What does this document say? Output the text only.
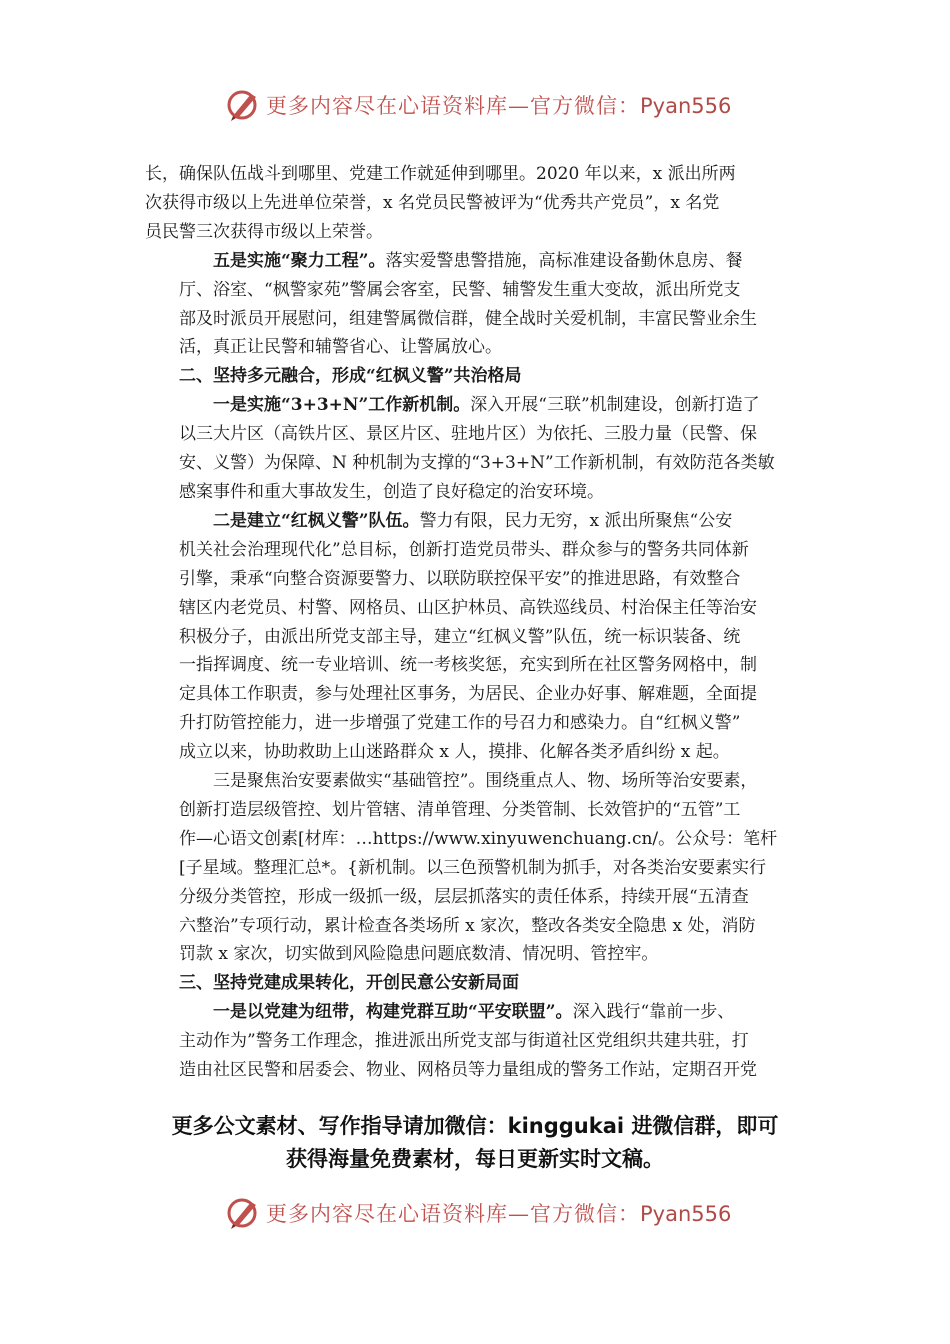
更多内容尽在心语资料库—官方微信：Pyan556
长，确保队伍战斗到哪里、党建工作就延伸到哪里。2020 年以来，x 派出所两
次获得市级以上先进单位荣誉，x 名党员民警被评为“优秀共产党员”，x 名党
员民警三次获得市级以上荣誉。
五是实施“聚力工程”。落实爱警患警措施，高标准建设备勤休息房、餐
厅、浴室、“枫警家苑”警属会客室，民警、辅警发生重大变故，派出所党支
部及时派员开展慰问，组建警属微信群，健全战时关爱机制，丰富民警业余生
活，真正让民警和辅警省心、让警属放心。
二、坚持多元融合，形成“红枫义警”共治格局
一是实施“3+3+N”工作新机制。深入开展“三联”机制建设，创新打造了
以三大片区（高铁片区、景区片区、驻地片区）为依托、三股力量（民警、保
安、义警）为保障、N 种机制为支撑的“3+3+N”工作新机制，有效防范各类敏
感案事件和重大事故发生，创造了良好稳定的治安环境。
二是建立“红枫义警”队伍。警力有限，民力无穷，x 派出所聚焦“公安
机关社会治理现代化”总目标，创新打造党员带头、群众参与的警务共同体新
引擎，秉承“向整合资源要警力、以联防联控保平安”的推进思路，有效整合
辖区内老党员、村警、网格员、山区护林员、高铁巡线员、村治保主任等治安
积极分子，由派出所党支部主导，建立“红枫义警”队伍，统一标识装备、统
一指挥调度、统一专业培训、统一考核奖惩，充实到所在社区警务网格中，制
定具体工作职责，参与处理社区事务，为居民、企业办好事、解难题，全面提
升打防管控能力，进一步增强了党建工作的号召力和感染力。自“红枫义警”
成立以来，协助救助上山迷路群众 x 人，摸排、化解各类矛盾纠纷 x 起。
三是聚焦治安要素做实“基础管控”。围绕重点人、物、场所等治安要素，
创新打造层级管控、划片管辖、清单管理、分类管制、长效管护的“五管”工
作—心语文创素[材库：…https://www.xinyuwenchuang.cn/。公众号：笔杆
[子星域。整理汇总*。{新机制。以三色预警机制为抓手，对各类治安要素实行
分级分类管控，形成一级抓一级，层层抓落实的责任体系，持续开展“五清查
六整治”专项行动，累计检查各类场所 x 家次，整改各类安全隐患 x 处，消防
罚款 x 家次，切实做到风险隐患问题底数清、情况明、管控牢。
三、坚持党建成果转化，开创民意公安新局面
一是以党建为纽带，构建党群互助“平安联盟”。深入践行“靠前一步、
主动作为”警务工作理念，推进派出所党支部与街道社区党组织共建共驻，打
造由社区民警和居委会、物业、网格员等力量组成的警务工作站，定期召开党
更多公文素材、写作指导请加微信：kinggukai 进微信群，即可
获得海量免费素材，每日更新实时文稿。
更多内容尽在心语资料库—官方微信：Pyan556
